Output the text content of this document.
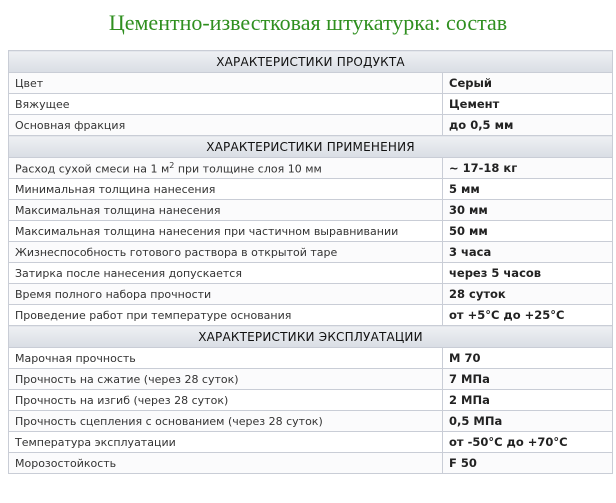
Цементно-известковая штукатурка: состав
ХАРАКТЕРИСТИКИ ПРОДУКТА	
Цвет	Серый
Вяжущее	Цемент
Основная фракция	до 0,5 мм
ХАРАКТЕРИСТИКИ ПРИМЕНЕНИЯ	
Расход сухой смеси на 1 $м^2$ при толщине слоя 10 мм	~ 17-18 кг
Минимальная толщина нанесения	5 мм
Максимальная толщина нанесения	30 мм
Максимальная толщина нанесения при частичном выравнивании	50 мм
Жизнеспособность готового раствора в открытой таре	3 часа
Затирка после нанесения допускается	через 5 часов
Время полного набора прочности	28 суток
Проведение работ при температуре основания	от +5°С до +25°С
ХАРАКТЕРИСТИКИ ЭКСПЛУАТАЦИИ	
Марочная прочность	М 70
Прочность на сжатие (через 28 суток)	7 МПа
Прочность на изгиб (через 28 суток)	2 МПа
Прочность сцепления с основанием (через 28 суток)	0,5 МПа
Температура эксплуатации	от -50°С до +70°С
Морозостойкость	F 50
